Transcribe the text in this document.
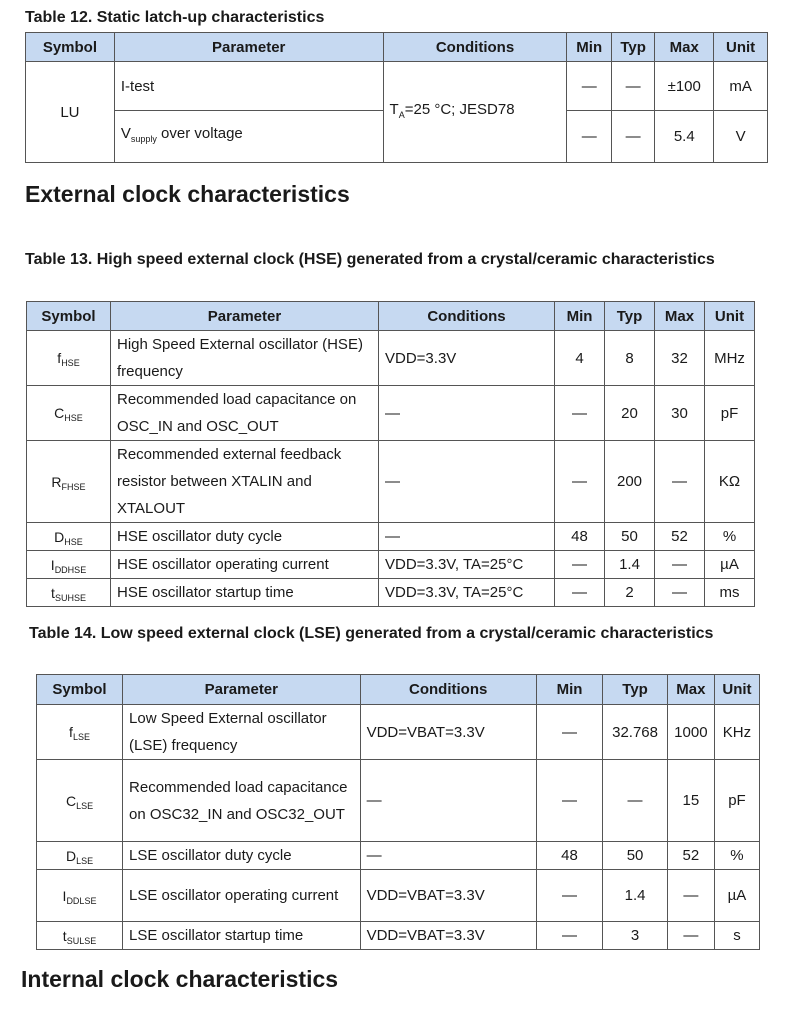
Table 12. Static latch-up characteristics
Symbol	Parameter	Conditions	Min	Typ	Max	Unit
LU	I-test	$T_A=25$ °C; JESD78	—	—	±100	mA
	$V_{supply}$ over voltage		—	—	5.4	V
External clock characteristics
Table 13. High speed external clock (HSE) generated from a crystal/ceramic characteristics
Symbol	Parameter	Conditions	Min	Typ	Max	Unit
$f_{HSE}$	High Speed External oscillator (HSE) frequency	VDD=3.3V	4	8	32	MHz
$C_{HSE}$	Recommended load capacitance on OSC_IN and OSC_OUT	—	—	20	30	pF
$R_{FHSE}$	Recommended external feedback resistor between XTALIN and XTALOUT	—	—	200	—	KΩ
$D_{HSE}$	HSE oscillator duty cycle	—	48	50	52	%
$I_{DDHSE}$	HSE oscillator operating current	VDD=3.3V, TA=25°C	—	1.4	—	µA
$t_{SUHSE}$	HSE oscillator startup time	VDD=3.3V, TA=25°C	—	2	—	ms
Table 14. Low speed external clock (LSE) generated from a crystal/ceramic characteristics
Symbol	Parameter	Conditions	Min	Typ	Max	Unit
$f_{LSE}$	Low Speed External oscillator (LSE) frequency	VDD=VBAT=3.3V	—	32.768	1000	KHz
$C_{LSE}$	Recommended load capacitance on OSC32_IN and OSC32_OUT	—	—	—	15	pF
$D_{LSE}$	LSE oscillator duty cycle	—	48	50	52	%
$I_{DDLSE}$	LSE oscillator operating current	VDD=VBAT=3.3V	—	1.4	—	µA
$t_{SULSE}$	LSE oscillator startup time	VDD=VBAT=3.3V	—	3	—	s
Internal clock characteristics
